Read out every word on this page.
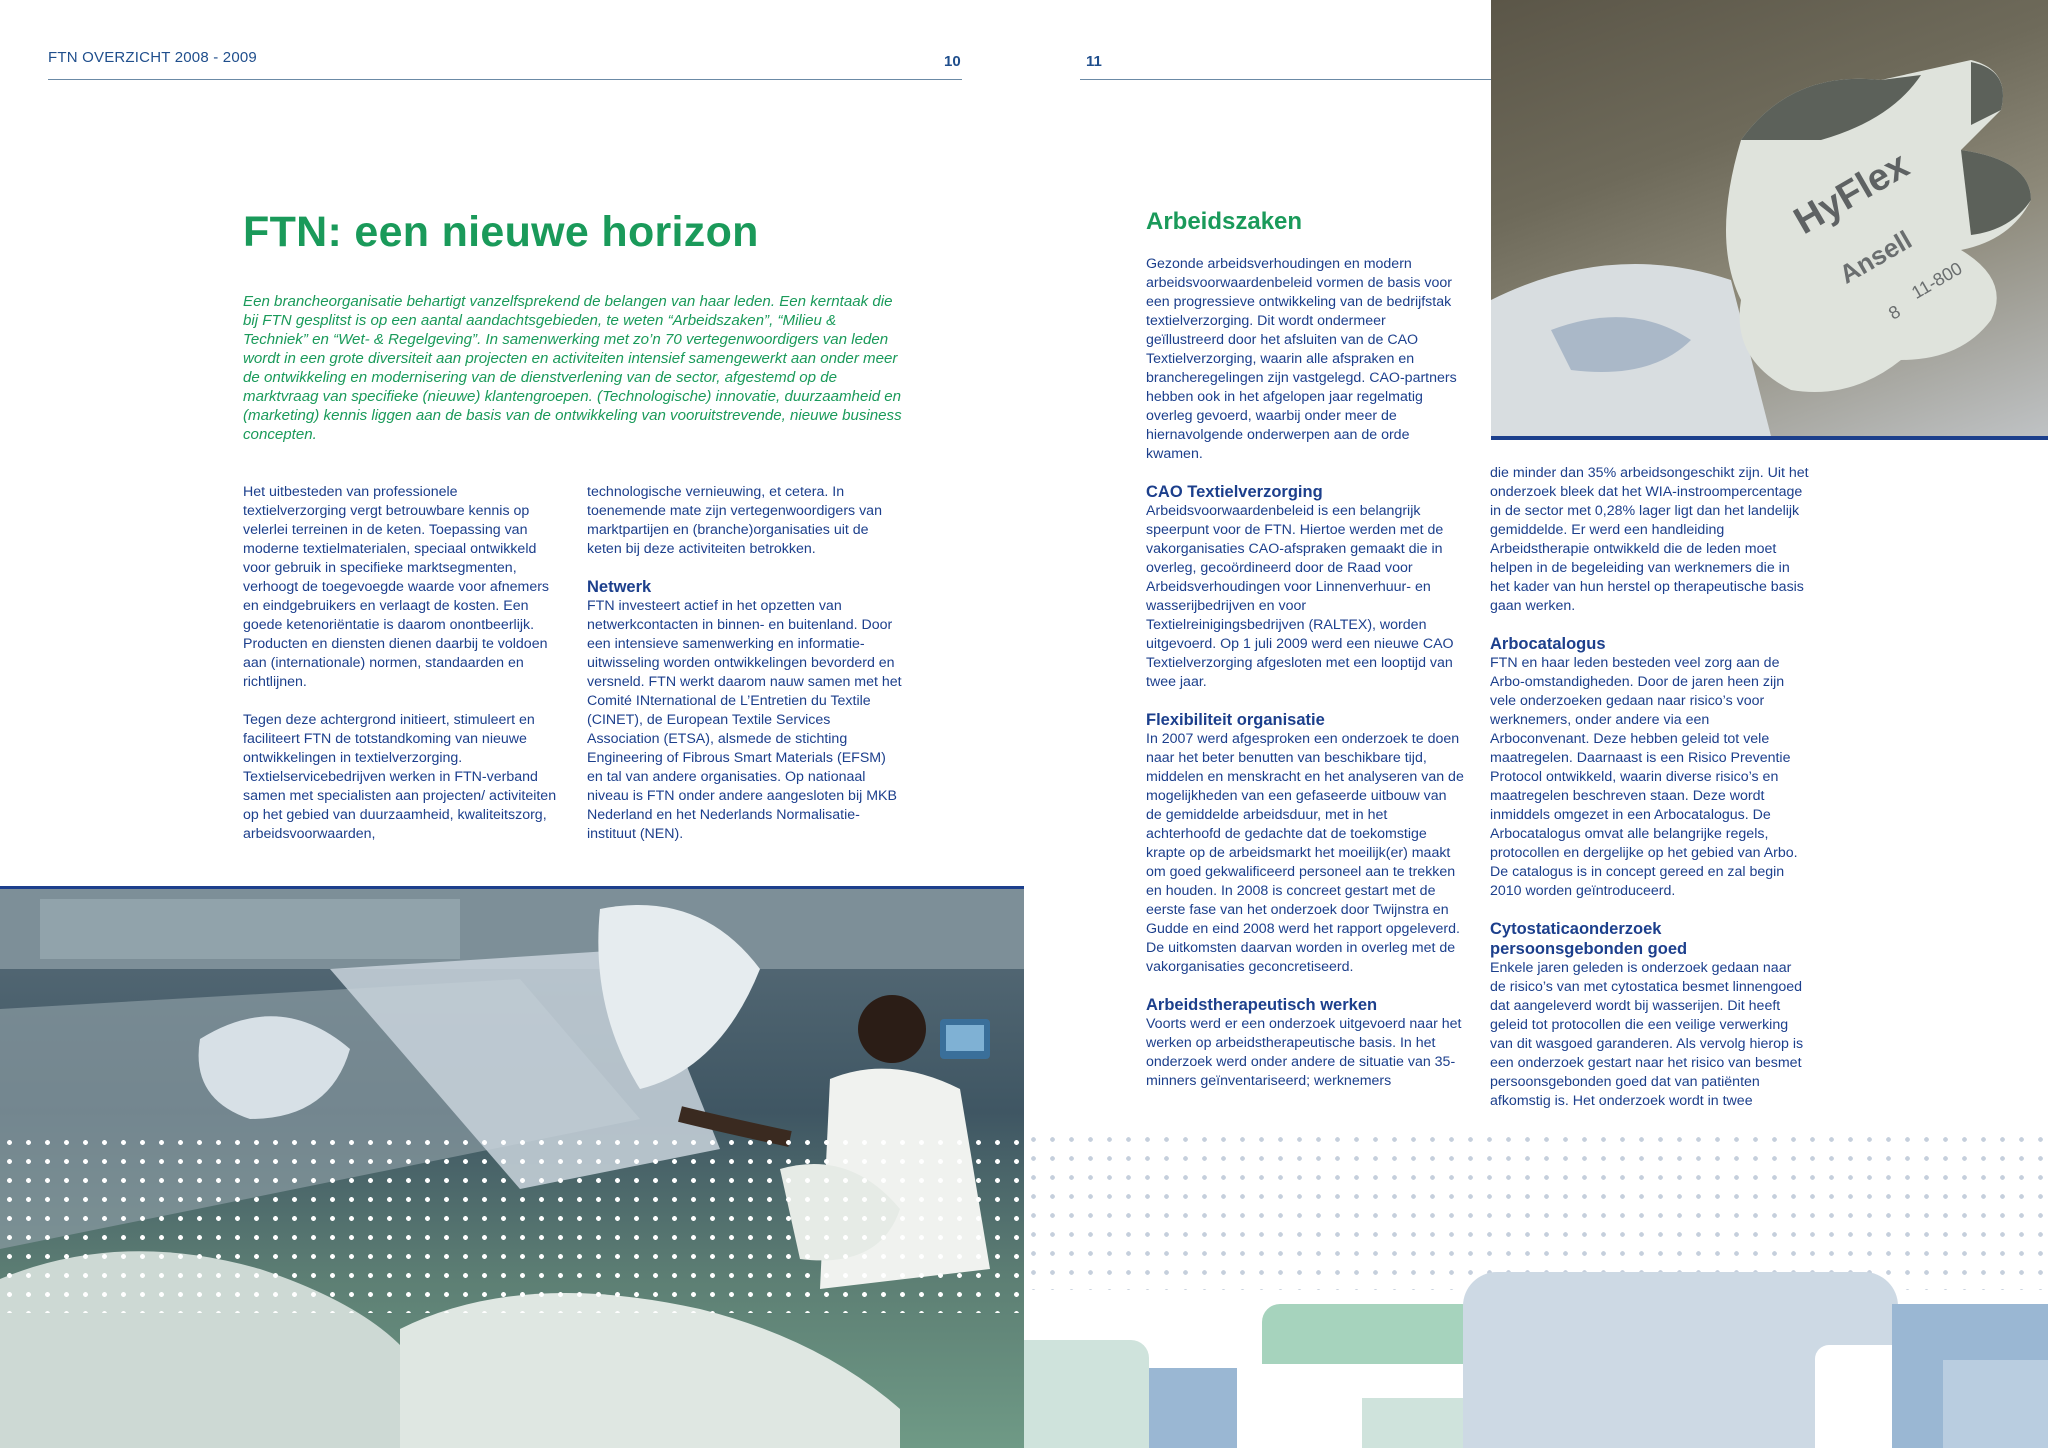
FTN OVERZICHT 2008 - 2009	10	11
FTN: een nieuwe horizon

Een brancheorganisatie behartigt vanzelfsprekend de belangen van haar leden. Een kerntaak die bij FTN gesplitst is op een aantal aandachtsgebieden, te weten “Arbeidszaken”, “Milieu & Techniek” en “Wet- & Regelgeving”. In samenwerking met zo’n 70 vertegenwoordigers van leden wordt in een grote diversiteit aan projecten en activiteiten intensief samengewerkt aan onder meer de ontwikkeling en modernisering van de dienstverlening van de sector, afgestemd op de marktvraag van specifieke (nieuwe) klantengroepen. (Technologische) innovatie, duurzaamheid en (marketing) kennis liggen aan de basis van de ontwikkeling van vooruitstrevende, nieuwe business concepten.

Het uitbesteden van professionele textielverzorging vergt betrouwbare kennis op velerlei terreinen in de keten. Toepassing van moderne textielmaterialen, speciaal ontwikkeld voor gebruik in specifieke marktsegmenten, verhoogt de toegevoegde waarde voor afnemers en eindgebruikers en verlaagt de kosten. Een goede ketenoriëntatie is daarom onontbeerlijk. Producten en diensten dienen daarbij te voldoen aan (internationale) normen, standaarden en richtlijnen.

Tegen deze achtergrond initieert, stimuleert en faciliteert FTN de totstandkoming van nieuwe ontwikkelingen in textielverzorging. Textielservicebedrijven werken in FTN-verband samen met specialisten aan projecten/ activiteiten op het gebied van duurzaamheid, kwaliteitszorg, arbeidsvoorwaarden,

technologische vernieuwing, et cetera. In toenemende mate zijn vertegenwoordigers van marktpartijen en (branche)organisaties uit de keten bij deze activiteiten betrokken.

Netwerk

FTN investeert actief in het opzetten van netwerkcontacten in binnen- en buitenland. Door een intensieve samenwerking en informatie-uitwisseling worden ontwikkelingen bevorderd en versneld. FTN werkt daarom nauw samen met het Comité INternational de L’Entretien du Textile (CINET), de European Textile Services Association (ETSA), alsmede de stichting Engineering of Fibrous Smart Materials (EFSM) en tal van andere organisaties. Op nationaal niveau is FTN onder andere aangesloten bij MKB Nederland en het Nederlands Normalisatie-instituut (NEN).

HyFlex
Ansell
11-800
8
Arbeidszaken

Gezonde arbeidsverhoudingen en modern arbeidsvoorwaardenbeleid vormen de basis voor een progressieve ontwikkeling van de bedrijfstak textielverzorging. Dit wordt ondermeer geïllustreerd door het afsluiten van de CAO Textielverzorging, waarin alle afspraken en brancheregelingen zijn vastgelegd. CAO-partners hebben ook in het afgelopen jaar regelmatig overleg gevoerd, waarbij onder meer de hiernavolgende onderwerpen aan de orde kwamen.

CAO Textielverzorging

Arbeidsvoorwaardenbeleid is een belangrijk speerpunt voor de FTN. Hiertoe werden met de vakorganisaties CAO-afspraken gemaakt die in overleg, gecoördineerd door de Raad voor Arbeidsverhoudingen voor Linnenverhuur- en wasserijbedrijven en voor Textielreinigingsbedrijven (RALTEX), worden uitgevoerd. Op 1 juli 2009 werd een nieuwe CAO Textielverzorging afgesloten met een looptijd van twee jaar.

Flexibiliteit organisatie

In 2007 werd afgesproken een onderzoek te doen naar het beter benutten van beschikbare tijd, middelen en menskracht en het analyseren van de mogelijkheden van een gefaseerde uitbouw van de gemiddelde arbeidsduur, met in het achterhoofd de gedachte dat de toekomstige krapte op de arbeidsmarkt het moeilijk(er) maakt om goed gekwalificeerd personeel aan te trekken en houden. In 2008 is concreet gestart met de eerste fase van het onderzoek door Twijnstra en Gudde en eind 2008 werd het rapport opgeleverd. De uitkomsten daarvan worden in overleg met de vakorganisaties geconcretiseerd.

Arbeidstherapeutisch werken

Voorts werd er een onderzoek uitgevoerd naar het werken op arbeidstherapeutische basis. In het onderzoek werd onder andere de situatie van 35-minners geïnventariseerd; werknemers

die minder dan 35% arbeidsongeschikt zijn. Uit het onderzoek bleek dat het WIA-instroompercentage in de sector met 0,28% lager ligt dan het landelijk gemiddelde. Er werd een handleiding Arbeidstherapie ontwikkeld die de leden moet helpen in de begeleiding van werknemers die in het kader van hun herstel op therapeutische basis gaan werken.

Arbocatalogus

FTN en haar leden besteden veel zorg aan de Arbo-omstandigheden. Door de jaren heen zijn vele onderzoeken gedaan naar risico’s voor werknemers, onder andere via een Arboconvenant. Deze hebben geleid tot vele maatregelen. Daarnaast is een Risico Preventie Protocol ontwikkeld, waarin diverse risico’s en maatregelen beschreven staan. Deze wordt inmiddels omgezet in een Arbocatalogus. De Arbocatalogus omvat alle belangrijke regels, protocollen en dergelijke op het gebied van Arbo. De catalogus is in concept gereed en zal begin 2010 worden geïntroduceerd.

Cytostaticaonderzoek persoonsgebonden goed

Enkele jaren geleden is onderzoek gedaan naar de risico’s van met cytostatica besmet linnengoed dat aangeleverd wordt bij wasserijen. Dit heeft geleid tot protocollen die een veilige verwerking van dit wasgoed garanderen. Als vervolg hierop is een onderzoek gestart naar het risico van besmet persoonsgebonden goed dat van patiënten afkomstig is. Het onderzoek wordt in twee
